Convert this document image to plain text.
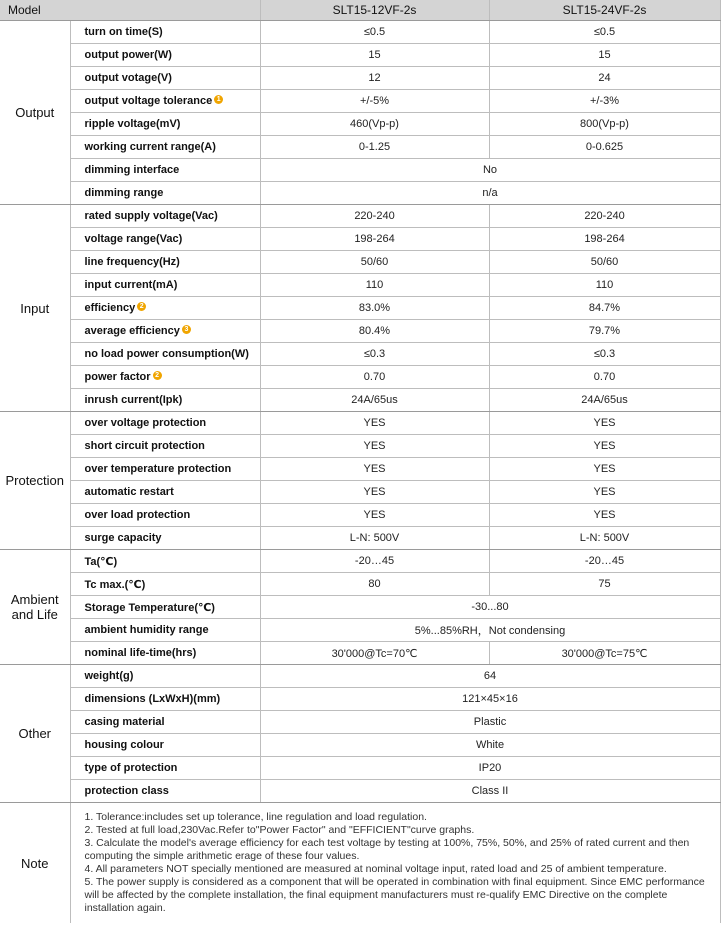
Model		SLT15-12VF-2s	SLT15-24VF-2s
Output	turn on time(S)	≤0.5	≤0.5
	output power(W)	15	15
	output votage(V)	12	24
	output voltage tolerance 1	+/-5%	+/-3%
	ripple voltage(mV)	460(Vp-p)	800(Vp-p)
	working current range(A)	0-1.25	0-0.625
	dimming interface	No	
	dimming range	n/a	
Input	rated supply voltage(Vac)	220-240	220-240
	voltage range(Vac)	198-264	198-264
	line frequency(Hz)	50/60	50/60
	input current(mA)	110	110
	efficiency 2	83.0%	84.7%
	average efficiency 3	80.4%	79.7%
	no load power consumption(W)	≤0.3	≤0.3
	power factor 2	0.70	0.70
	inrush current(Ipk)	24A/65us	24A/65us
Protection	over voltage protection	YES	YES
	short circuit protection	YES	YES
	over temperature protection	YES	YES
	automatic restart	YES	YES
	over load protection	YES	YES
	surge capacity	L-N: 500V	L-N: 500V
Ambient
and Life	Ta(℃)	-20…45	-20…45
	Tc max.(℃)	80	75
	Storage Temperature(℃)	-30...80	
	ambient humidity range	5%...85%RH，Not condensing	
	nominal life-time(hrs)	30'000@Tc=70℃	30'000@Tc=75℃
Other	weight(g)	64	
	dimensions (LxWxH)(mm)	121×45×16	
	casing material	Plastic	
	housing colour	White	
	type of protection	IP20	
	protection class	Class II	
Note	1. Tolerance:includes set up tolerance, line regulation and load regulation.

2. Tested at full load,230Vac.Refer to"Power Factor" and "EFFICIENT"curve graphs.

3. Calculate the model's average efficiency for each test voltage by testing at 100%, 75%, 50%, and 25% of rated current and then computing the simple arithmetic erage of these four values.

4. All parameters NOT specially mentioned are measured at nominal voltage input, rated load and 25 of ambient temperature.

5. The power supply is considered as a component that will be operated in combination with final equipment. Since EMC performance will be affected by the complete installation, the final equipment manufacturers must re-qualify EMC Directive on the complete installation again.		
